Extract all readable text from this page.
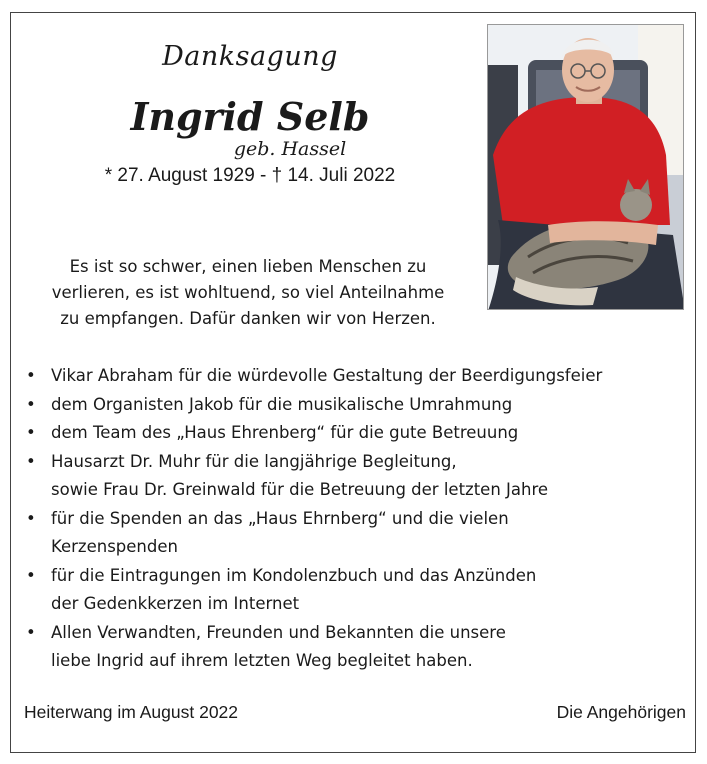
Danksagung
Ingrid Selb
geb. Hassel
* 27. August 1929 - † 14. Juli 2022
Es ist so schwer, einen lieben Menschen zu
verlieren, es ist wohltuend, so viel Anteilnahme
zu empfangen. Dafür danken wir von Herzen.
• Vikar Abraham für die würdevolle Gestaltung der Beerdigungsfeier
• dem Organisten Jakob für die musikalische Umrahmung
• dem Team des „Haus Ehrenberg“ für die gute Betreuung
• Hausarzt Dr. Muhr für die langjährige Begleitung,
sowie Frau Dr. Greinwald für die Betreuung der letzten Jahre
• für die Spenden an das „Haus Ehrnberg“ und die vielen
Kerzenspenden
• für die Eintragungen im Kondolenzbuch und das Anzünden
der Gedenkkerzen im Internet
• Allen Verwandten, Freunden und Bekannten die unsere
liebe Ingrid auf ihrem letzten Weg begleitet haben.
Heiterwang im August 2022	Die Angehörigen
